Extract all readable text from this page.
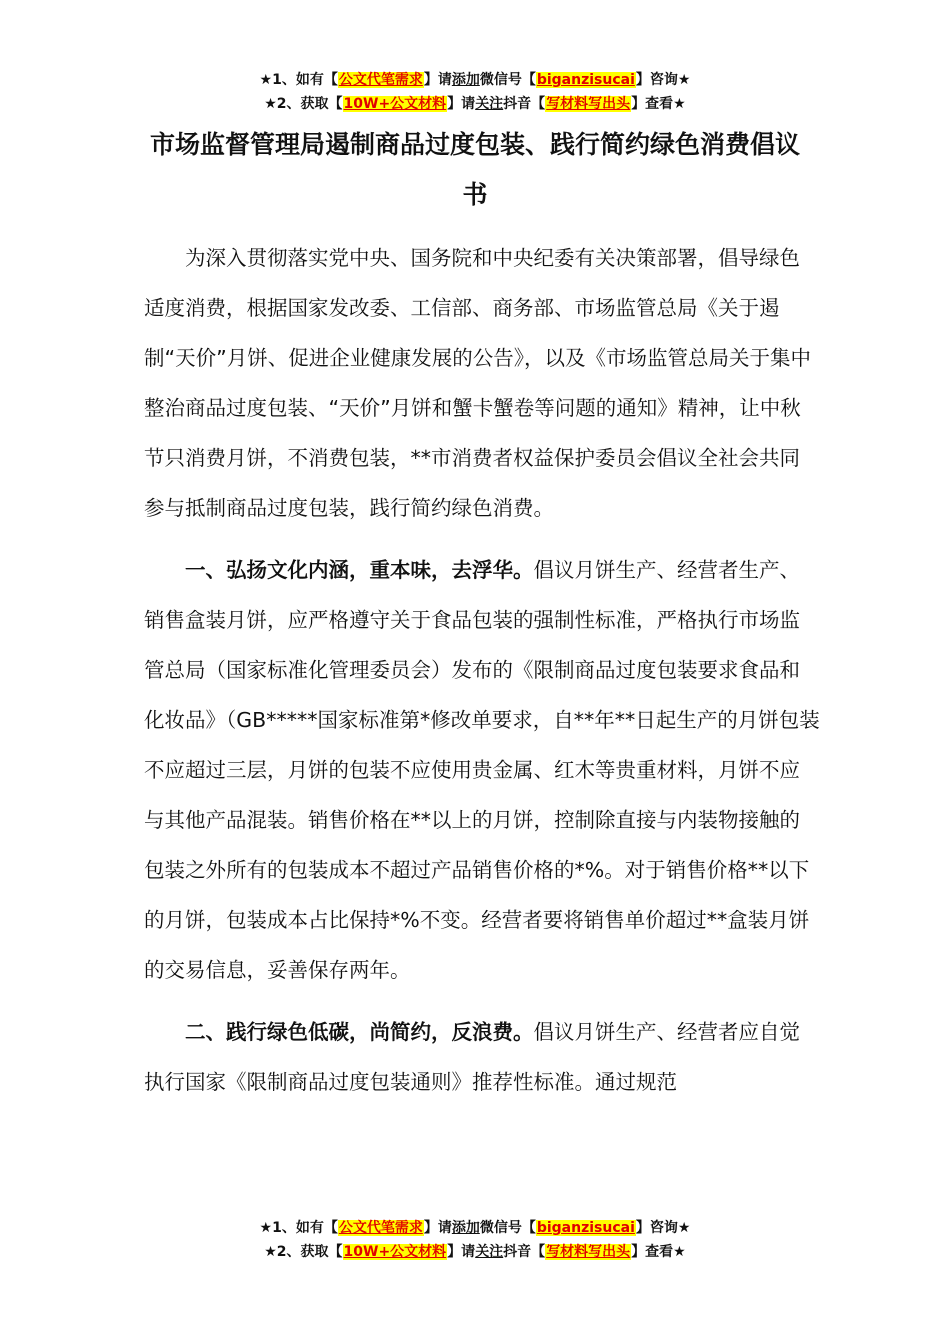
★1、如有【公文代笔需求】请添加微信号【biganzisucai】咨询★
★2、获取【10W+公文材料】请关注抖音【写材料写出头】查看★
市场监督管理局遏制商品过度包装、践行简约绿色消费倡议书

为深入贯彻落实党中央、国务院和中央纪委有关决策部署，倡导绿色适度消费，根据国家发改委、工信部、商务部、市场监管总局《关于遏制“天价”月饼、促进企业健康发展的公告》，以及《市场监管总局关于集中整治商品过度包装、“天价”月饼和蟹卡蟹卷等问题的通知》精神，让中秋节只消费月饼，不消费包装，**市消费者权益保护委员会倡议全社会共同参与抵制商品过度包装，践行简约绿色消费。

一、弘扬文化内涵，重本味，去浮华。倡议月饼生产、经营者生产、销售盒装月饼，应严格遵守关于食品包装的强制性标准，严格执行市场监管总局（国家标准化管理委员会）发布的《限制商品过度包装要求食品和化妆品》（GB*****国家标准第*修改单要求，自**年**日起生产的月饼包装不应超过三层，月饼的包装不应使用贵金属、红木等贵重材料，月饼不应与其他产品混装。销售价格在**以上的月饼，控制除直接与内装物接触的包装之外所有的包装成本不超过产品销售价格的*%。对于销售价格**以下的月饼，包装成本占比保持*%不变。经营者要将销售单价超过**盒装月饼的交易信息，妥善保存两年。

二、践行绿色低碳，尚简约，反浪费。倡议月饼生产、经营者应自觉执行国家《限制商品过度包装通则》推荐性标准。通过规范

★1、如有【公文代笔需求】请添加微信号【biganzisucai】咨询★
★2、获取【10W+公文材料】请关注抖音【写材料写出头】查看★
